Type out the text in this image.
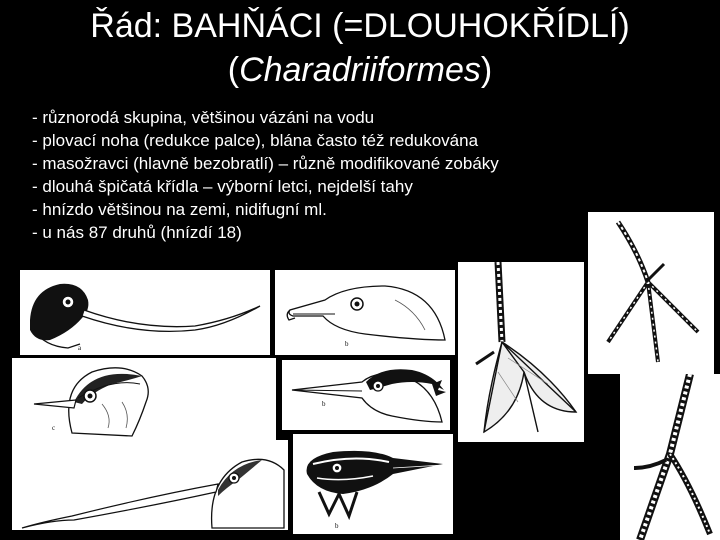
Řád: BAHŇÁCI (=DLOUHOKŘÍDLÍ)
(Charadriiformes)
- různorodá skupina, většinou vázáni na vodu
- plovací noha (redukce palce), blána často též redukována
- masožravci (hlavně bezobratlí) – různě modifikované zobáky
- dlouhá špičatá křídla – výborní letci, nejdelší tahy
- hnízdo většinou na zemi, nidifugní ml.
- u nás 87 druhů (hnízdí 18)
a	b
c
b
b
